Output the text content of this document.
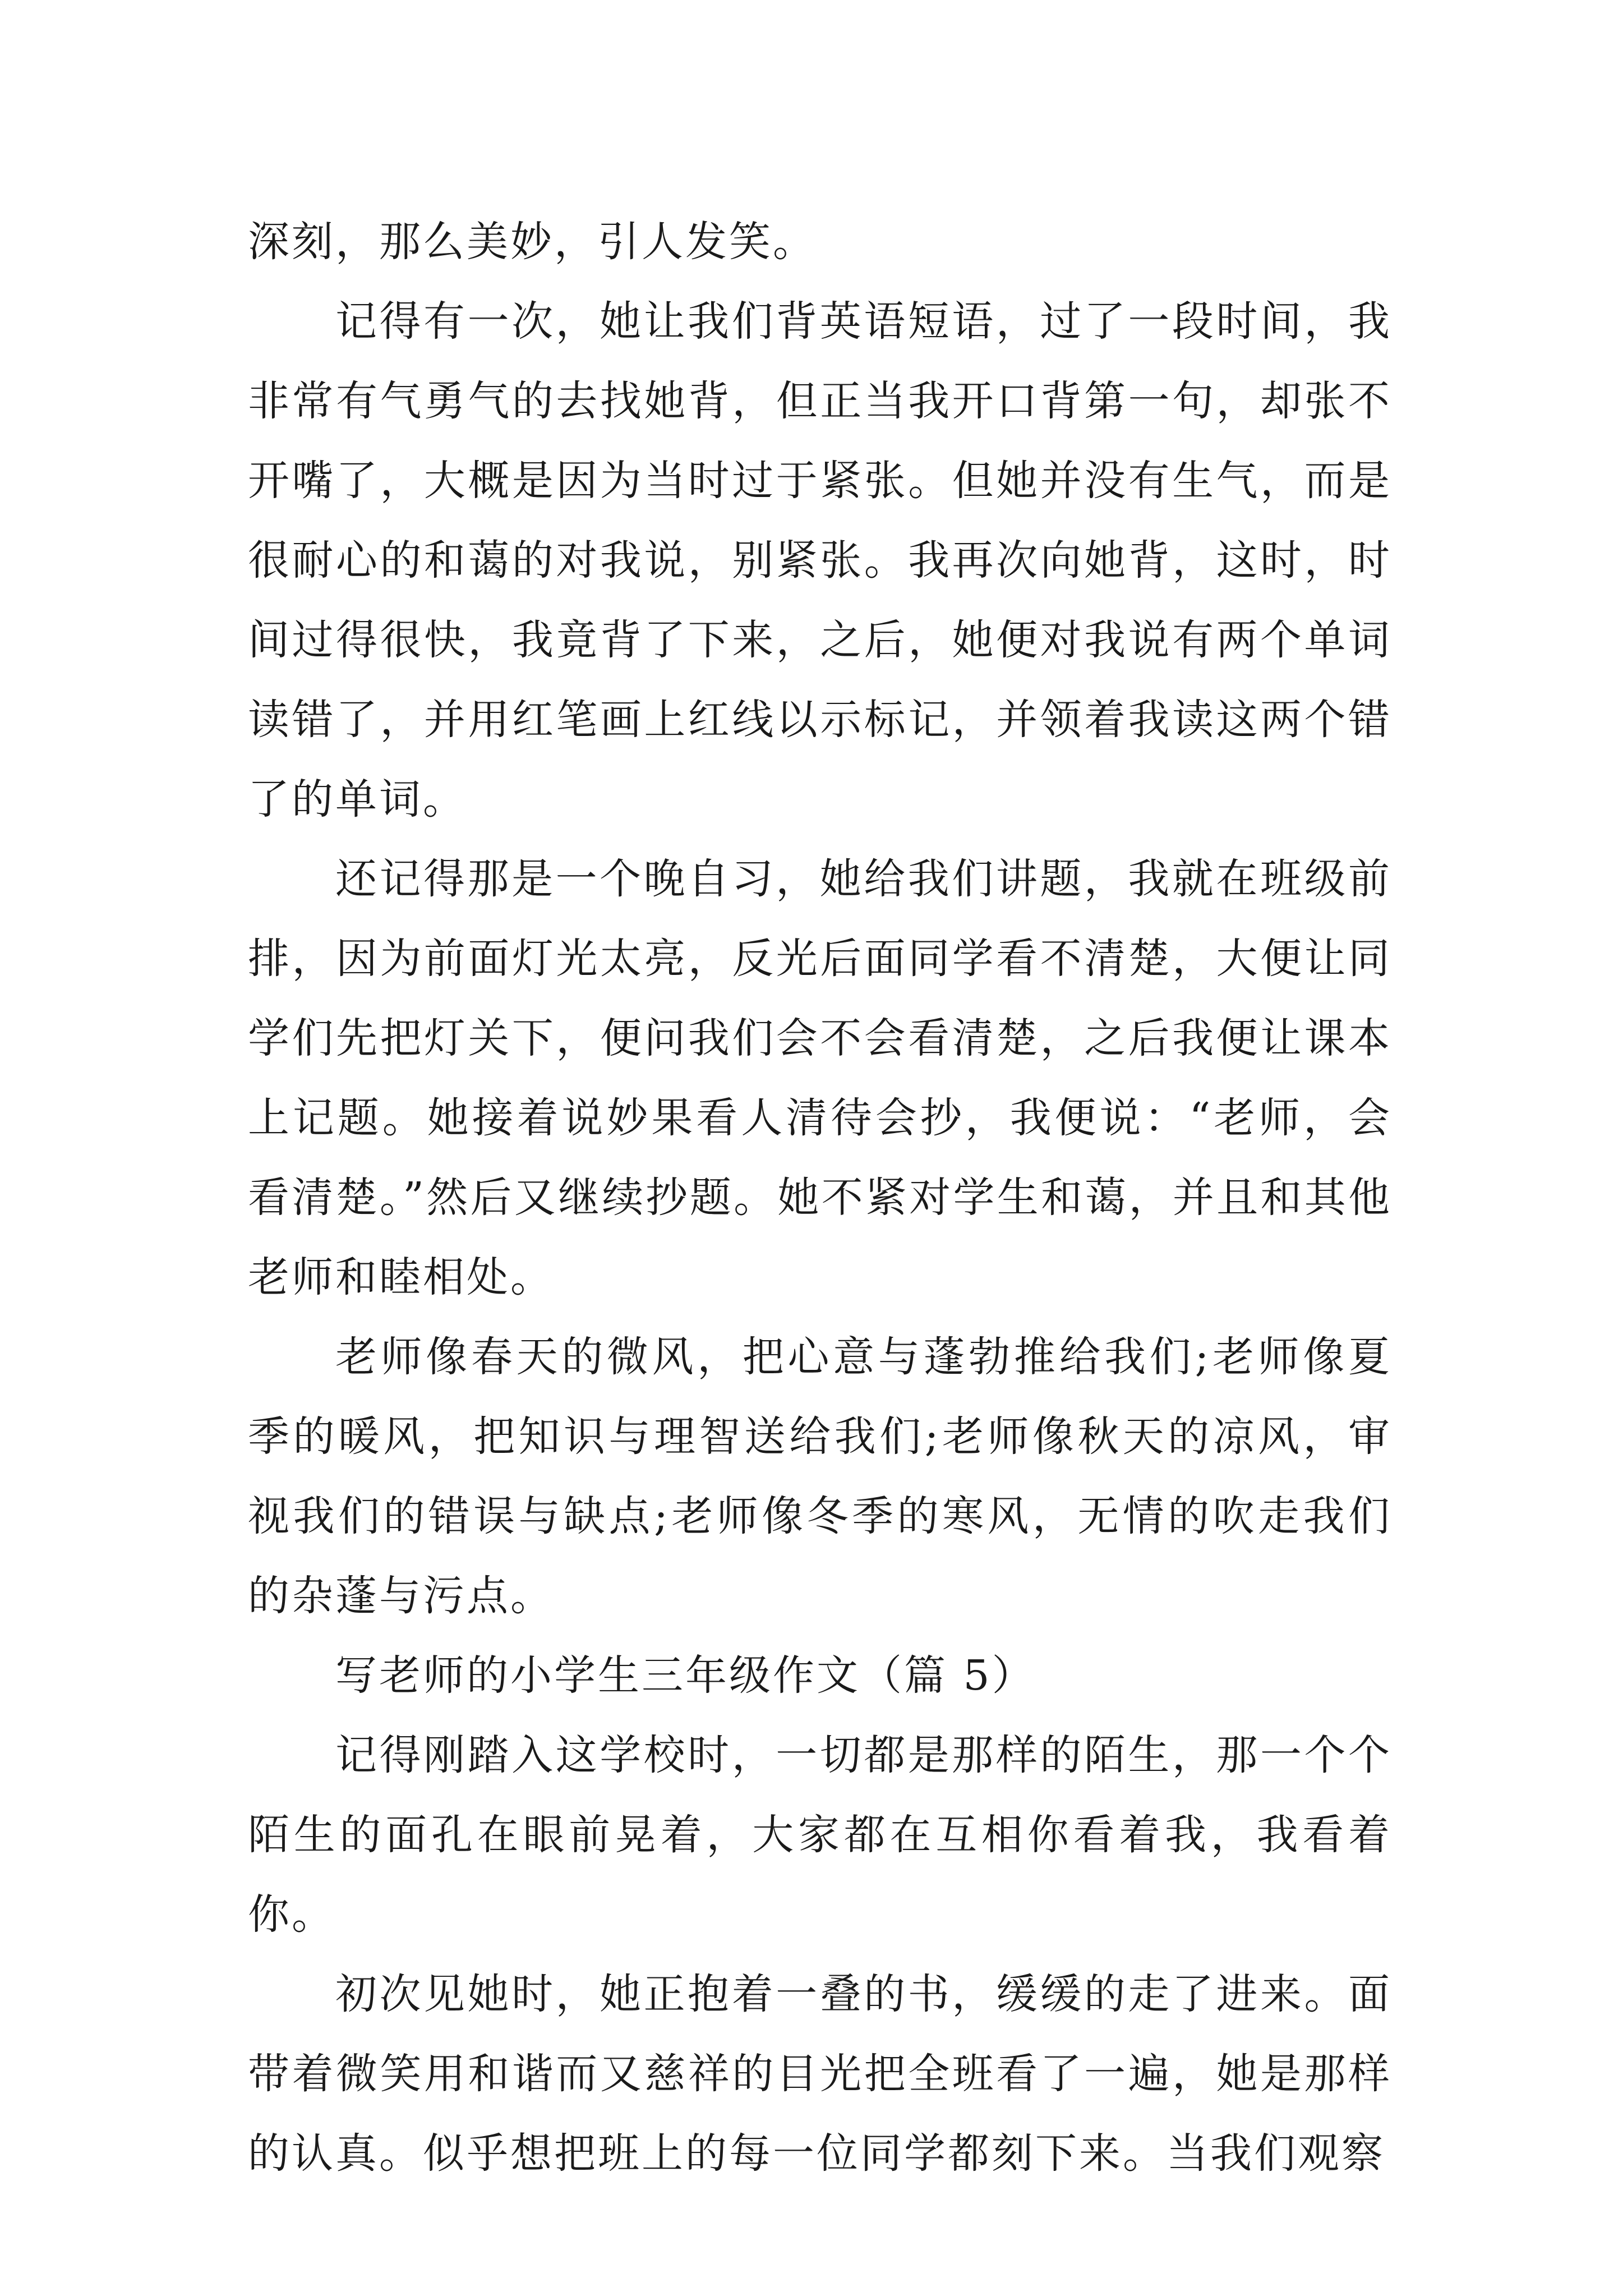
深刻，那么美妙，引人发笑。

记得有一次，她让我们背英语短语，过了一段时间，我非常有气勇气的去找她背，但正当我开口背第一句，却张不开嘴了，大概是因为当时过于紧张。但她并没有生气，而是很耐心的和蔼的对我说，别紧张。我再次向她背，这时，时间过得很快，我竟背了下来，之后，她便对我说有两个单词读错了，并用红笔画上红线以示标记，并领着我读这两个错了的单词。

还记得那是一个晚自习，她给我们讲题，我就在班级前排，因为前面灯光太亮，反光后面同学看不清楚，大便让同学们先把灯关下，便问我们会不会看清楚，之后我便让课本上记题。她接着说妙果看人清待会抄，我便说：“老师，会看清楚。”然后又继续抄题。她不紧对学生和蔼，并且和其他老师和睦相处。

老师像春天的微风，把心意与蓬勃推给我们;老师像夏季的暖风，把知识与理智送给我们;老师像秋天的凉风，审视我们的错误与缺点;老师像冬季的寒风，无情的吹走我们的杂蓬与污点。

写老师的小学生三年级作文（篇 5）

记得刚踏入这学校时，一切都是那样的陌生，那一个个陌生的面孔在眼前晃着，大家都在互相你看着我，我看着你。

初次见她时，她正抱着一叠的书，缓缓的走了进来。面带着微笑用和谐而又慈祥的目光把全班看了一遍，她是那样的认真。似乎想把班上的每一位同学都刻下来。当我们观察
